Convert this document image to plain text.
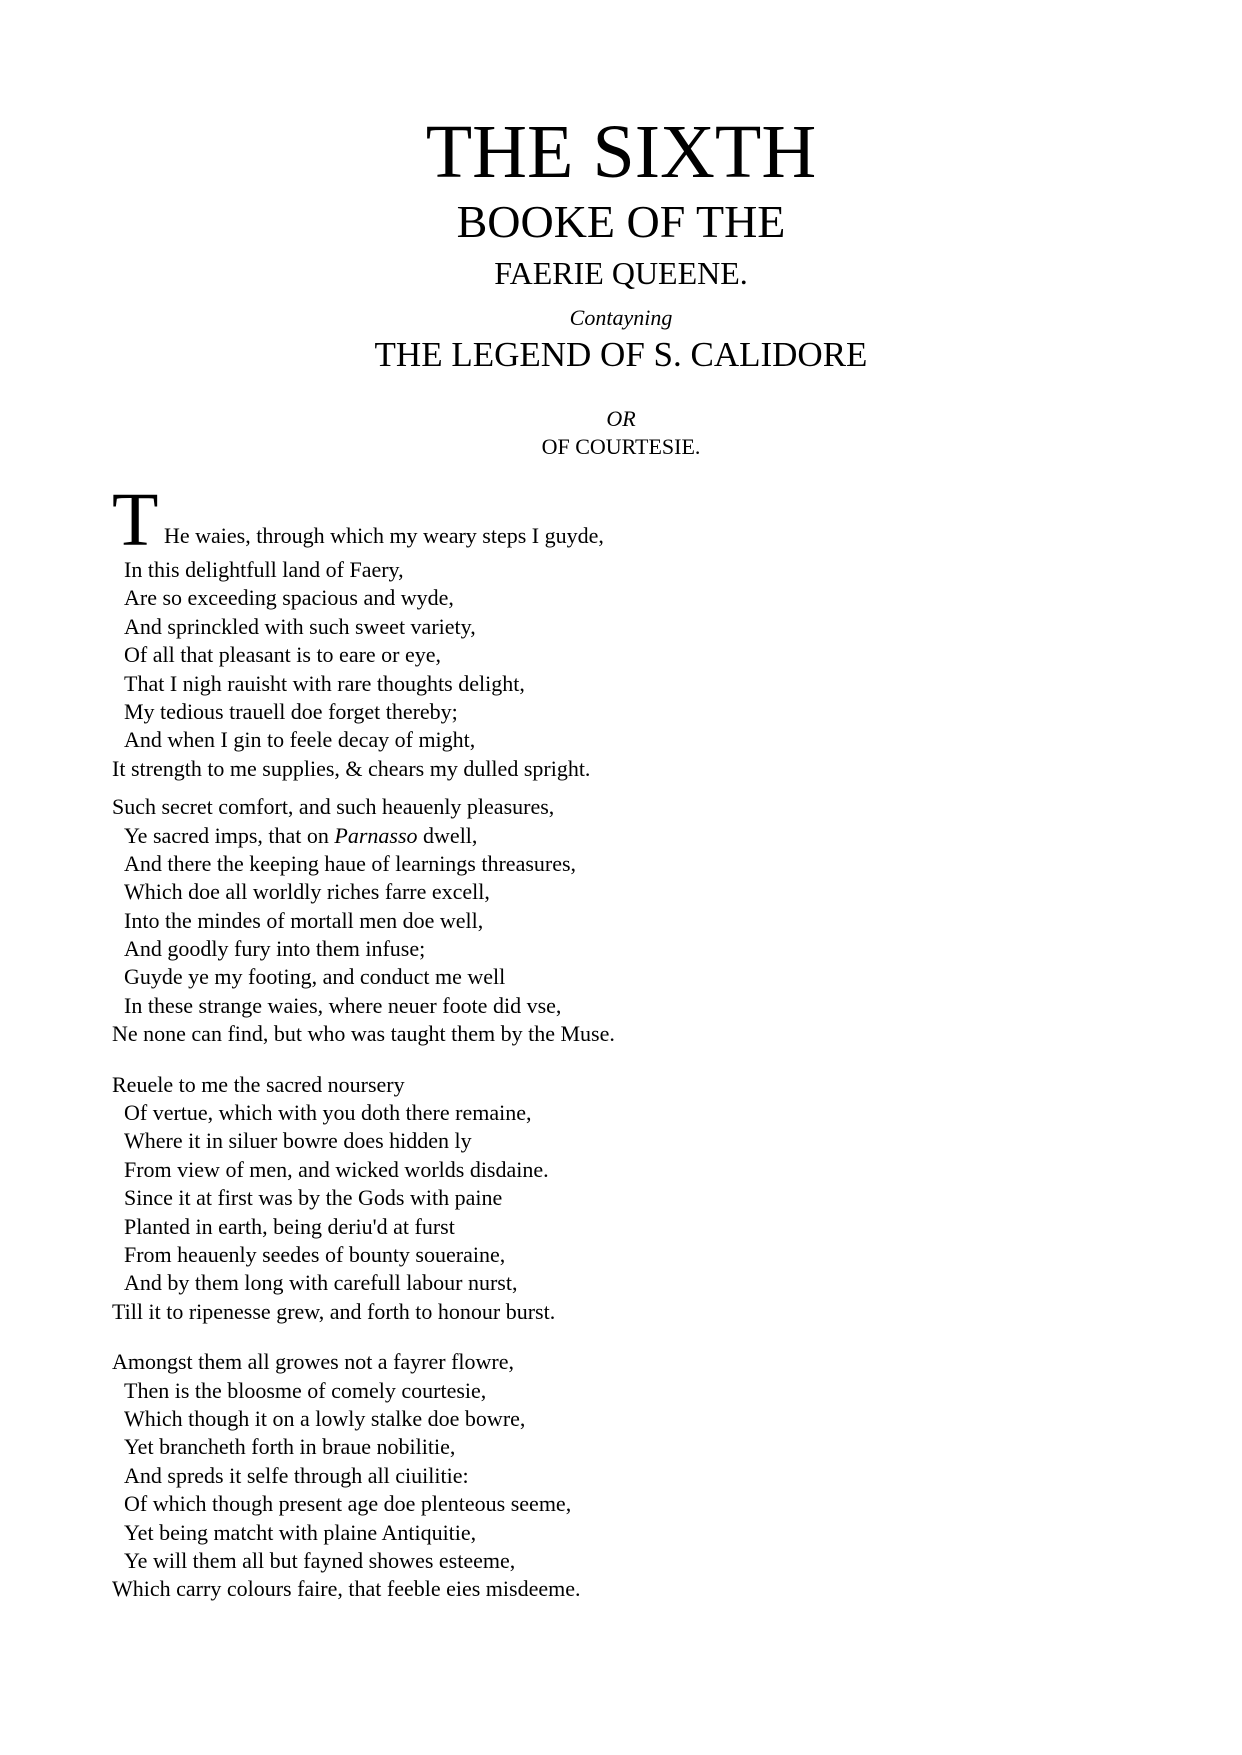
THE SIXTH
BOOKE OF THE
FAERIE QUEENE.
Contayning
THE LEGEND OF S. CALIDORE
OR
OF COURTESIE.
T He waies, through which my weary steps I guyde,
In this delightfull land of Faery,
Are so exceeding spacious and wyde,
And sprinckled with such sweet variety,
Of all that pleasant is to eare or eye,
That I nigh rauisht with rare thoughts delight,
My tedious trauell doe forget thereby;
And when I gin to feele decay of might,
It strength to me supplies, & chears my dulled spright.
Such secret comfort, and such heauenly pleasures,
Ye sacred imps, that on Parnasso dwell,
And there the keeping haue of learnings threasures,
Which doe all worldly riches farre excell,
Into the mindes of mortall men doe well,
And goodly fury into them infuse;
Guyde ye my footing, and conduct me well
In these strange waies, where neuer foote did vse,
Ne none can find, but who was taught them by the Muse.
Reuele to me the sacred noursery
Of vertue, which with you doth there remaine,
Where it in siluer bowre does hidden ly
From view of men, and wicked worlds disdaine.
Since it at first was by the Gods with paine
Planted in earth, being deriu'd at furst
From heauenly seedes of bounty soueraine,
And by them long with carefull labour nurst,
Till it to ripenesse grew, and forth to honour burst.
Amongst them all growes not a fayrer flowre,
Then is the bloosme of comely courtesie,
Which though it on a lowly stalke doe bowre,
Yet brancheth forth in braue nobilitie,
And spreds it selfe through all ciuilitie:
Of which though present age doe plenteous seeme,
Yet being matcht with plaine Antiquitie,
Ye will them all but fayned showes esteeme,
Which carry colours faire, that feeble eies misdeeme.
